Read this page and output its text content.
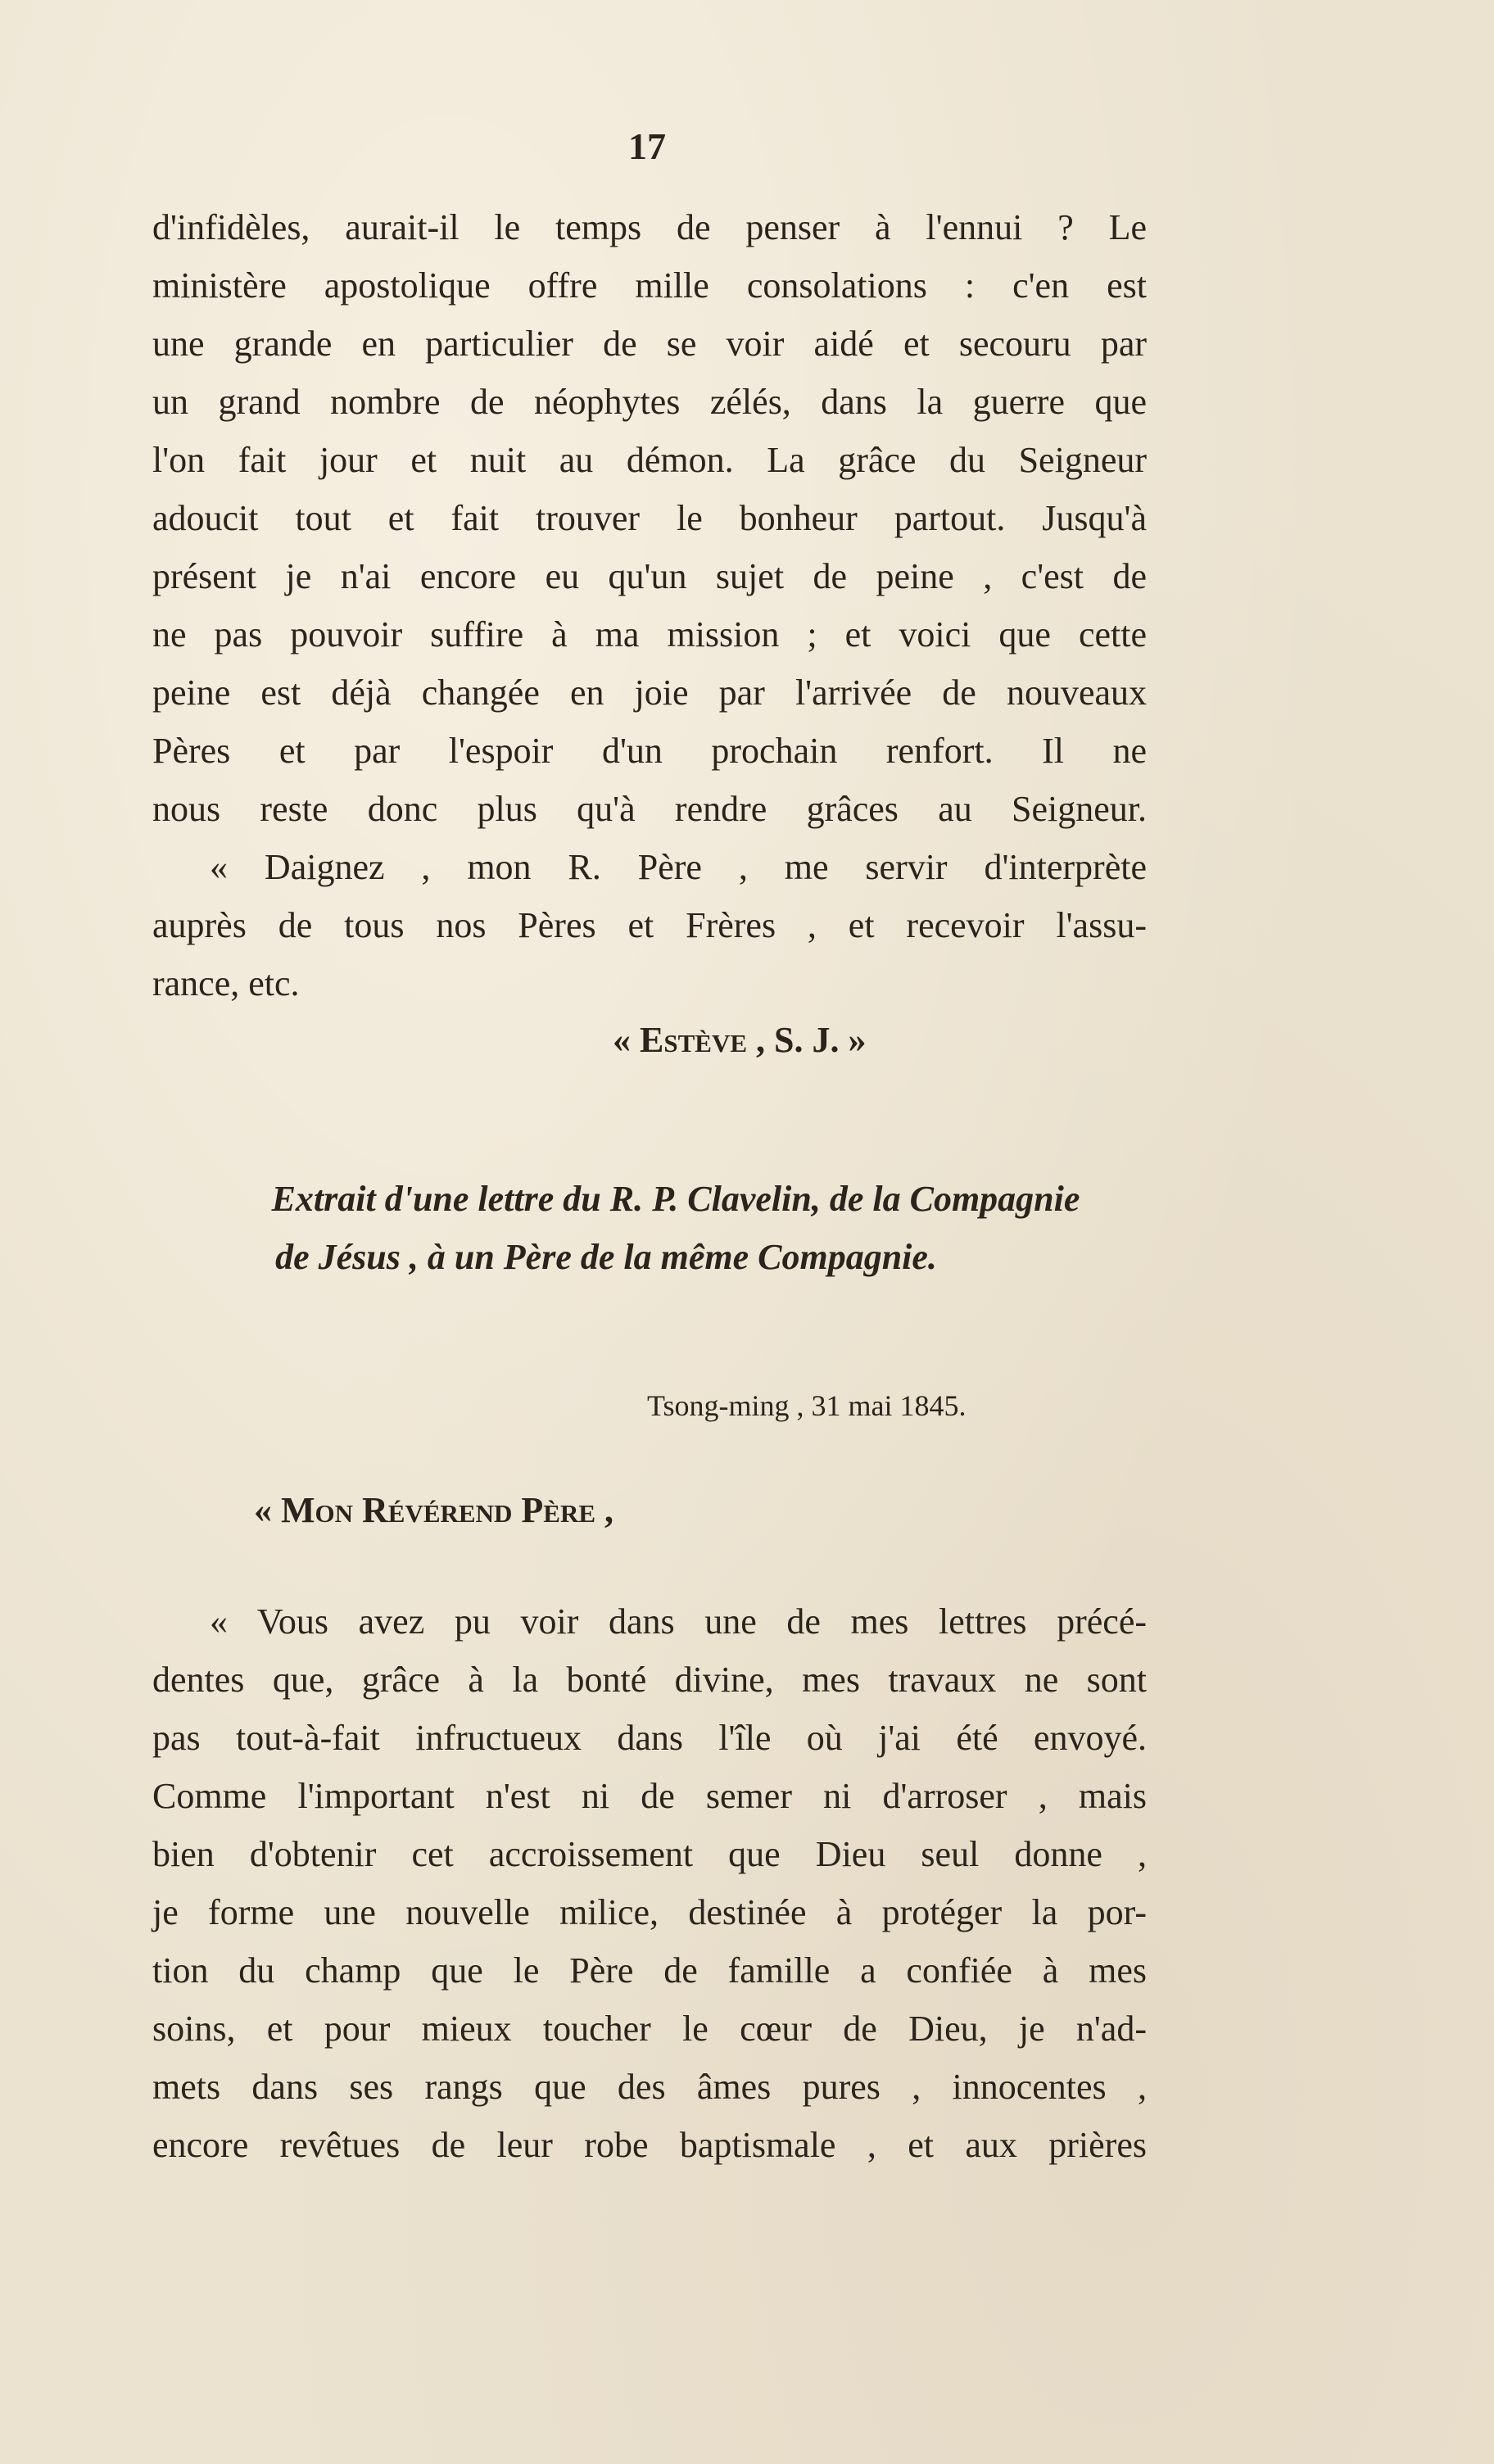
17
d'infidèles, aurait-il le temps de penser à l'ennui ? Le
ministère apostolique offre mille consolations : c'en est
une grande en particulier de se voir aidé et secouru par
un grand nombre de néophytes zélés, dans la guerre que
l'on fait jour et nuit au démon. La grâce du Seigneur
adoucit tout et fait trouver le bonheur partout. Jusqu'à
présent je n'ai encore eu qu'un sujet de peine , c'est de
ne pas pouvoir suffire à ma mission ; et voici que cette
peine est déjà changée en joie par l'arrivée de nouveaux
Pères et par l'espoir d'un prochain renfort. Il ne
nous reste donc plus qu'à rendre grâces au Seigneur.
« Daignez , mon R. Père , me servir d'interprète
auprès de tous nos Pères et Frères , et recevoir l'assu-
rance, etc.
« Estève , S. J. »
Extrait d'une lettre du R. P. Clavelin, de la Compagnie
de Jésus , à un Père de la même Compagnie.
Tsong-ming , 31 mai 1845.
« Mon Révérend Père ,
« Vous avez pu voir dans une de mes lettres précé-
dentes que, grâce à la bonté divine, mes travaux ne sont
pas tout-à-fait infructueux dans l'île où j'ai été envoyé.
Comme l'important n'est ni de semer ni d'arroser , mais
bien d'obtenir cet accroissement que Dieu seul donne ,
je forme une nouvelle milice, destinée à protéger la por-
tion du champ que le Père de famille a confiée à mes
soins, et pour mieux toucher le cœur de Dieu, je n'ad-
mets dans ses rangs que des âmes pures , innocentes ,
encore revêtues de leur robe baptismale , et aux prières
